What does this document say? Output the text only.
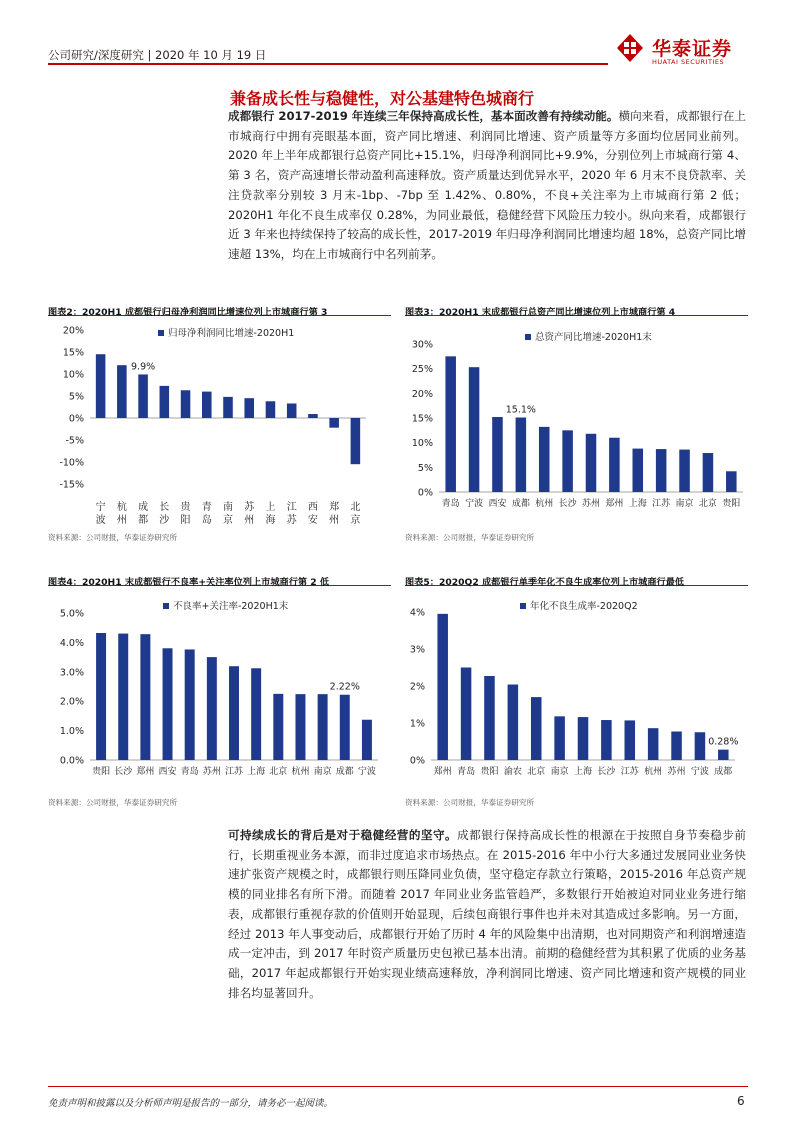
公司研究/深度研究 | 2020 年 10 月 19 日	华泰证券
HUATAI SECURITIES
兼备成长性与稳健性，对公基建特色城商行
成都银行 2017-2019 年连续三年保持高成长性，基本面改善有持续动能。横向来看，成都银行在上市城商行中拥有亮眼基本面，资产同比增速、利润同比增速、资产质量等方多面均位居同业前列。2020 年上半年成都银行总资产同比+15.1%，归母净利润同比+9.9%，分别位列上市城商行第 4、第 3 名，资产高速增长带动盈利高速释放。资产质量达到优异水平，2020 年 6 月末不良贷款率、关注贷款率分别较 3 月末-1bp、-7bp 至 1.42%、0.80%，不良+关注率为上市城商行第 2 低；2020H1 年化不良生成率仅 0.28%，为同业最低，稳健经营下风险压力较小。纵向来看，成都银行近 3 年来也持续保持了较高的成长性，2017-2019 年归母净利润同比增速均超 18%，总资产同比增速超 13%，均在上市城商行中名列前茅。
图表2：2020H1 成都银行归母净利润同比增速位列上市城商行第 3
20%
15%
10%
5%
0%
-5%
-10%
-15%
归母净利润同比增速-2020H1
宁
波
杭
州
成
都
长
沙
贵
阳
青
岛
南
京
苏
州
上
海
江
苏
西
安
郑
州
北
京
9.9%
资料来源：公司财报，华泰证券研究所
图表3：2020H1 末成都银行总资产同比增速位列上市城商行第 4
30%
25%
20%
15%
10%
5%
0%
总资产同比增速-2020H1末
青岛 宁波 西安 成都 杭州 长沙 苏州 郑州 上海 江苏 南京 北京 贵阳
15.1%
资料来源：公司财报，华泰证券研究所
图表4：2020H1 末成都银行不良率+关注率位列上市城商行第 2 低
5.0%
4.0%
3.0%
2.0%
1.0%
0.0%
不良率+关注率-2020H1末
贵阳 长沙 郑州 西安 青岛 苏州 江苏 上海 北京 杭州 南京 成都 宁波
2.22%
资料来源：公司财报，华泰证券研究所
图表5：2020Q2 成都银行单季年化不良生成率位列上市城商行最低
4%
3%
2%
1%
0%
年化不良生成率-2020Q2
郑州 青岛 贵阳 渝农 北京 南京 上海 长沙 江苏 杭州 苏州 宁波 成都
0.28%
资料来源：公司财报，华泰证券研究所
可持续成长的背后是对于稳健经营的坚守。成都银行保持高成长性的根源在于按照自身节奏稳步前行，长期重视业务本源，而非过度追求市场热点。在 2015-2016 年中小行大多通过发展同业业务快速扩张资产规模之时，成都银行则压降同业负债，坚守稳定存款立行策略，2015-2016 年总资产规模的同业排名有所下滑。而随着 2017 年同业业务监管趋严，多数银行开始被迫对同业业务进行缩表，成都银行重视存款的价值则开始显现，后续包商银行事件也并未对其造成过多影响。另一方面，经过 2013 年人事变动后，成都银行开始了历时 4 年的风险集中出清期，也对同期资产和利润增速造成一定冲击，到 2017 年时资产质量历史包袱已基本出清。前期的稳健经营为其积累了优质的业务基础，2017 年起成都银行开始实现业绩高速释放，净利润同比增速、资产同比增速和资产规模的同业排名均显著回升。
免责声明和披露以及分析师声明是报告的一部分，请务必一起阅读。	6
